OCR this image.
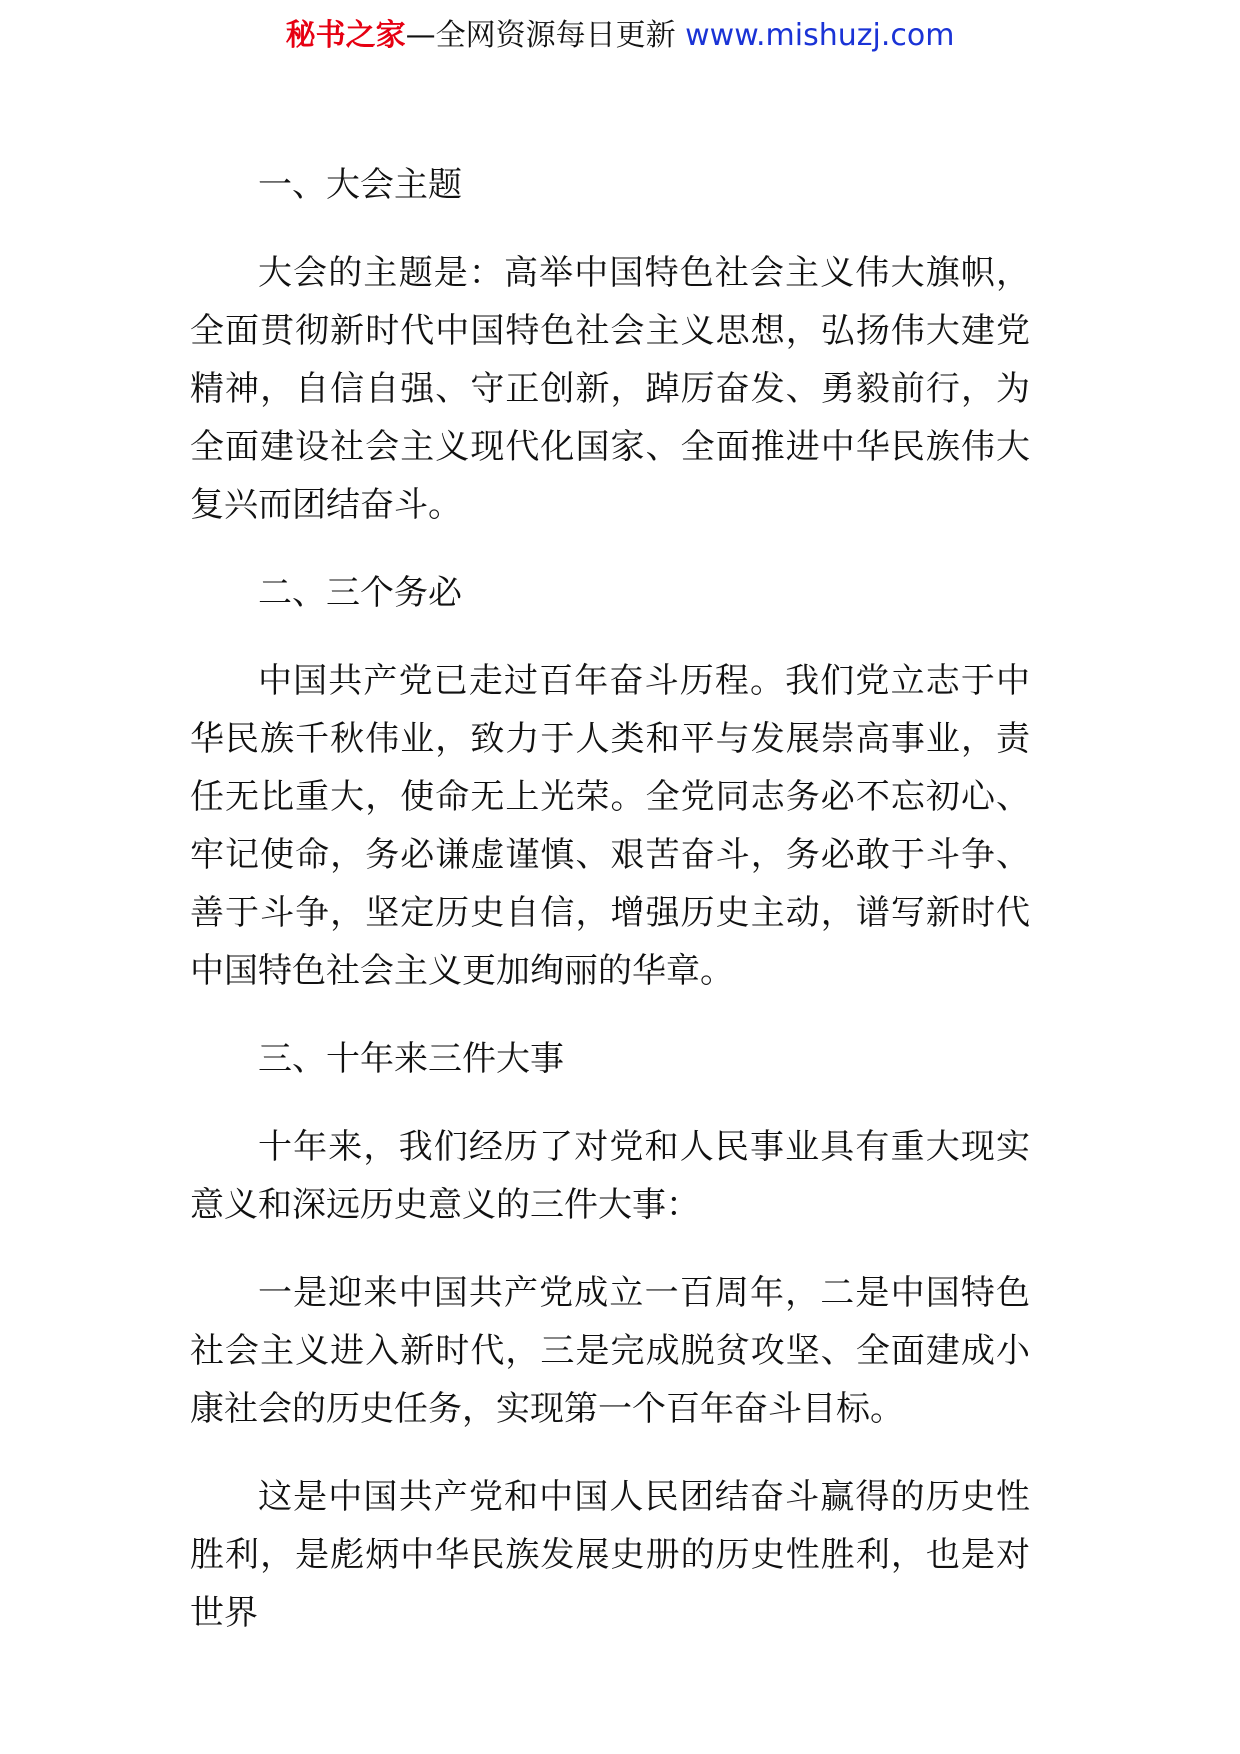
秘书之家—全网资源每日更新 www.mishuzj.com

一、大会主题

大会的主题是：高举中国特色社会主义伟大旗帜，全面贯彻新时代中国特色社会主义思想，弘扬伟大建党精神，自信自强、守正创新，踔厉奋发、勇毅前行，为全面建设社会主义现代化国家、全面推进中华民族伟大复兴而团结奋斗。

二、三个务必

中国共产党已走过百年奋斗历程。我们党立志于中华民族千秋伟业，致力于人类和平与发展崇高事业，责任无比重大，使命无上光荣。全党同志务必不忘初心、牢记使命，务必谦虚谨慎、艰苦奋斗，务必敢于斗争、善于斗争，坚定历史自信，增强历史主动，谱写新时代中国特色社会主义更加绚丽的华章。

三、十年来三件大事

十年来，我们经历了对党和人民事业具有重大现实意义和深远历史意义的三件大事：

一是迎来中国共产党成立一百周年，二是中国特色社会主义进入新时代，三是完成脱贫攻坚、全面建成小康社会的历史任务，实现第一个百年奋斗目标。

这是中国共产党和中国人民团结奋斗赢得的历史性胜利，是彪炳中华民族发展史册的历史性胜利，也是对世界
